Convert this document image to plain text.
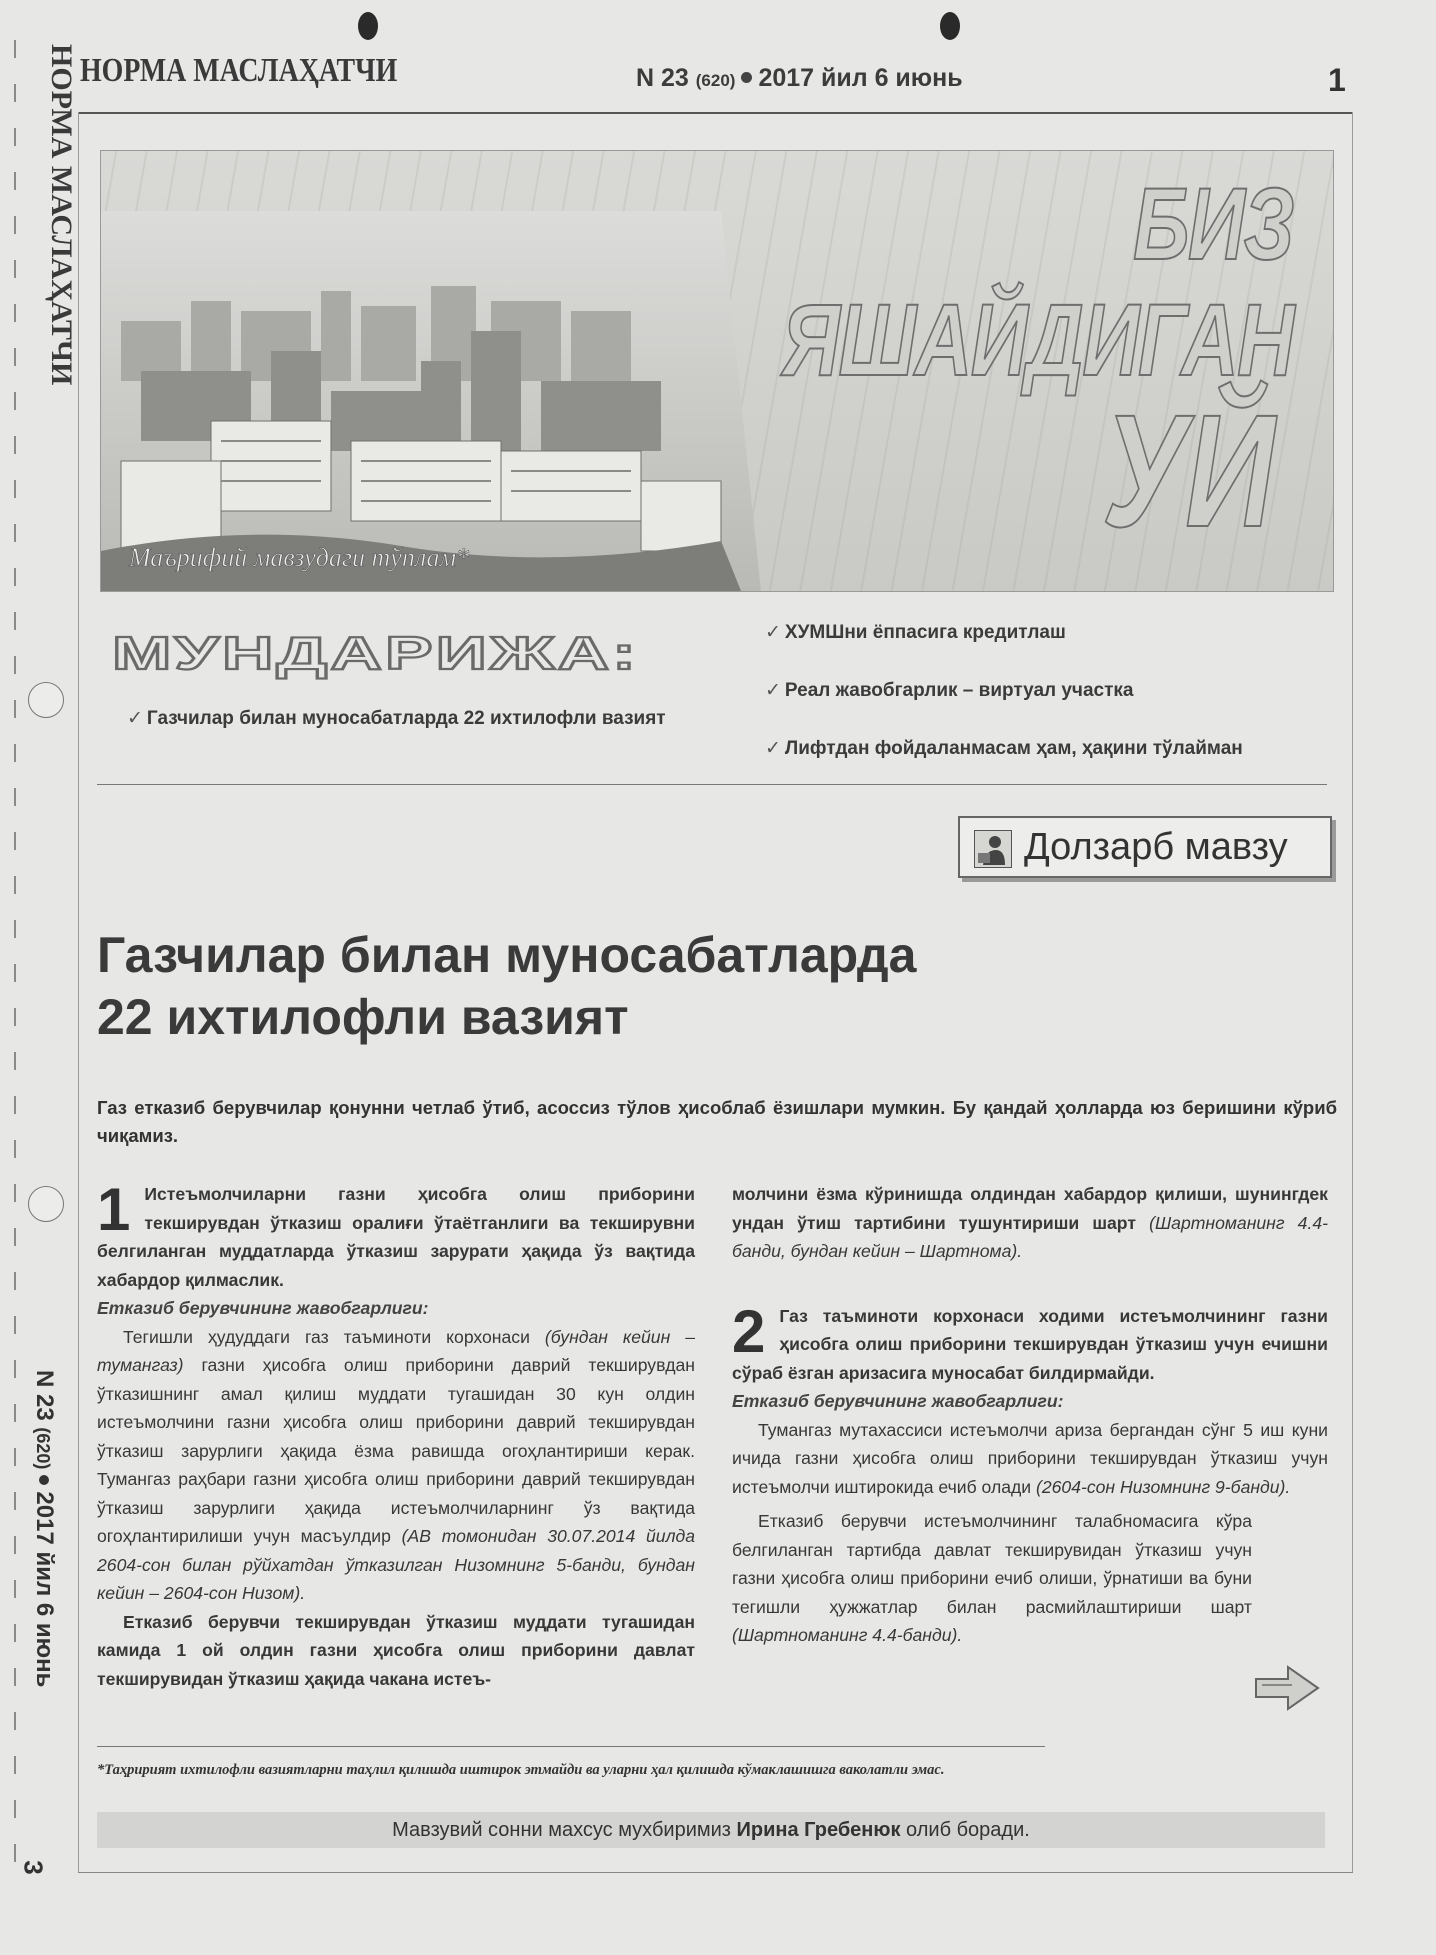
НОРМА МАСЛАҲАТЧИ
N 23 (620)2017 йил 6 июнь
3
НОРМА МАСЛАҲАТЧИ	N 23 (620) 2017 йил 6 июнь	1
БИЗ
ЯШАЙДИГАН
УЙ
Маърифий мавзудаги тўплам*
МУНДАРИЖА:
✓ Газчилар билан муносабатларда 22 ихтилофли вазият
✓ ХУМШни ёппасига кредитлаш
✓ Реал жавобгарлик – виртуал участка
✓ Лифтдан фойдаланмасам ҳам, ҳақини тўлайман
Долзарб мавзу
Газчилар билан муносабатларда
22 ихтилофли вазият
Газ етказиб берувчилар қонунни четлаб ўтиб, асоссиз тўлов ҳисоблаб ёзишлари мумкин. Бу қандай ҳолларда юз беришини кўриб чиқамиз.

1 Истеъмолчиларни газни ҳисобга олиш приборини текширувдан ўтказиш оралиғи ўтаётганлиги ва текширувни белгиланган муддатларда ўтказиш зарурати ҳақида ўз вақтида хабардор қилмаслик.

Етказиб берувчининг жавобгарлиги:

Тегишли ҳудуддаги газ таъминоти корхонаси (бундан кейин – тумангаз) газни ҳисобга олиш приборини даврий текширувдан ўтказишнинг амал қилиш муддати тугашидан 30 кун олдин истеъмолчини газни ҳисобга олиш приборини даврий текширувдан ўтказиш зарурлиги ҳақида ёзма равишда огоҳлантириши керак. Тумангаз раҳбари газни ҳисобга олиш приборини даврий текширувдан ўтказиш зарурлиги ҳақида истеъмолчиларнинг ўз вақтида огоҳлантирилиши учун масъулдир (АВ томонидан 30.07.2014 йилда 2604-сон билан рўйхатдан ўтказилган Низомнинг 5-банди, бундан кейин – 2604-сон Низом).

Етказиб берувчи текширувдан ўтказиш муддати тугашидан камида 1 ой олдин газни ҳисобга олиш приборини давлат текширувидан ўтказиш ҳақида чакана истеъ-

молчини ёзма кўринишда олдиндан хабардор қилиши, шунингдек ундан ўтиш тартибини тушунтириши шарт (Шартноманинг 4.4-банди, бундан кейин – Шартнома).

2 Газ таъминоти корхонаси ходими истеъмолчининг газни ҳисобга олиш приборини текширувдан ўтказиш учун ечишни сўраб ёзган аризасига муносабат билдирмайди.

Етказиб берувчининг жавобгарлиги:

Тумангаз мутахассиси истеъмолчи ариза бергандан сўнг 5 иш куни ичида газни ҳисобга олиш приборини текширувдан ўтказиш учун истеъмолчи иштирокида ечиб олади (2604-сон Низомнинг 9-банди).

Етказиб берувчи истеъмолчининг талабномасига кўра белгиланган тартибда давлат текширувидан ўтказиш учун газни ҳисобга олиш приборини ечиб олиши, ўрнатиши ва буни тегишли ҳужжатлар билан расмийлаштириши шарт (Шартноманинг 4.4-банди).

*Таҳририят ихтилофли вазиятларни таҳлил қилишда иштирок этмайди ва уларни ҳал қилишда кўмаклашишга ваколатли эмас.
Мавзувий сонни махсус мухбиримиз Ирина Гребенюк олиб боради.
